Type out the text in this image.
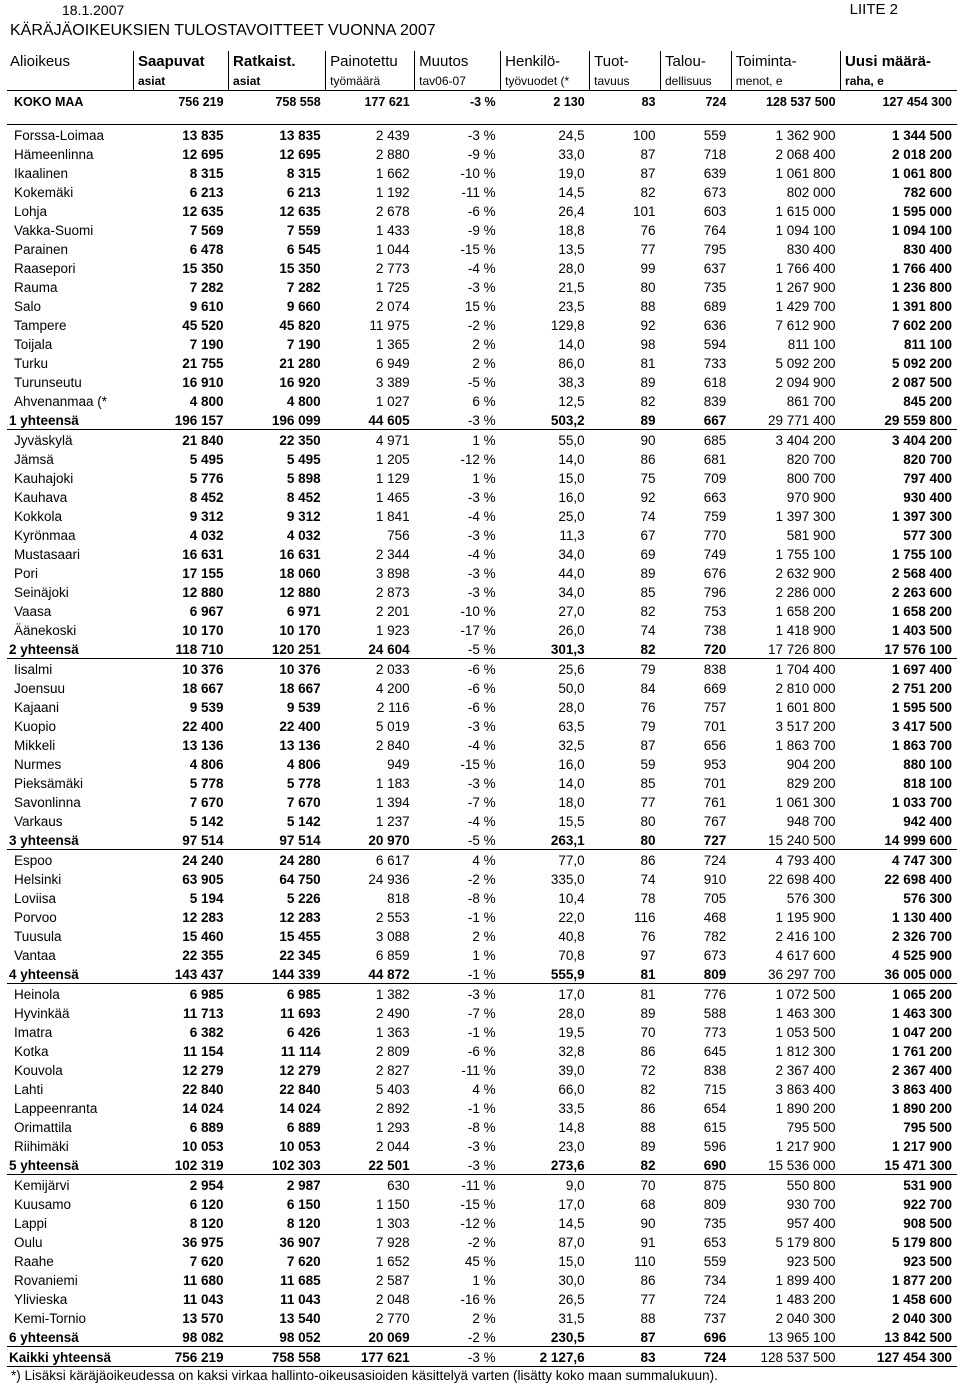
18.1.2007	LIITE 2
KÄRÄJÄOIKEUKSIEN TULOSTAVOITTEET VUONNA 2007
Alioikeus	Saapuvat	Ratkaist.	Painotettu	Muutos	Henkilö-	Tuot-	Talou-	Toiminta-	Uusi määrä-
	asiat	asiat	työmäärä	tav06-07	työvuodet (*	tavuus	dellisuus	menot, e	raha, e
KOKO MAA	756 219	758 558	177 621	-3 %	2 130	83	724	128 537 500	127 454 300

Forssa-Loimaa	13 835	13 835	2 439	-3 %	24,5	100	559	1 362 900	1 344 500
Hämeenlinna	12 695	12 695	2 880	-9 %	33,0	87	718	2 068 400	2 018 200
Ikaalinen	8 315	8 315	1 662	-10 %	19,0	87	639	1 061 800	1 061 800
Kokemäki	6 213	6 213	1 192	-11 %	14,5	82	673	802 000	782 600
Lohja	12 635	12 635	2 678	-6 %	26,4	101	603	1 615 000	1 595 000
Vakka-Suomi	7 569	7 559	1 433	-9 %	18,8	76	764	1 094 100	1 094 100
Parainen	6 478	6 545	1 044	-15 %	13,5	77	795	830 400	830 400
Raasepori	15 350	15 350	2 773	-4 %	28,0	99	637	1 766 400	1 766 400
Rauma	7 282	7 282	1 725	-3 %	21,5	80	735	1 267 900	1 236 800
Salo	9 610	9 660	2 074	15 %	23,5	88	689	1 429 700	1 391 800
Tampere	45 520	45 820	11 975	-2 %	129,8	92	636	7 612 900	7 602 200
Toijala	7 190	7 190	1 365	2 %	14,0	98	594	811 100	811 100
Turku	21 755	21 280	6 949	2 %	86,0	81	733	5 092 200	5 092 200
Turunseutu	16 910	16 920	3 389	-5 %	38,3	89	618	2 094 900	2 087 500
Ahvenanmaa (*	4 800	4 800	1 027	6 %	12,5	82	839	861 700	845 200
1 yhteensä	196 157	196 099	44 605	-3 %	503,2	89	667	29 771 400	29 559 800
Jyväskylä	21 840	22 350	4 971	1 %	55,0	90	685	3 404 200	3 404 200
Jämsä	5 495	5 495	1 205	-12 %	14,0	86	681	820 700	820 700
Kauhajoki	5 776	5 898	1 129	1 %	15,0	75	709	800 700	797 400
Kauhava	8 452	8 452	1 465	-3 %	16,0	92	663	970 900	930 400
Kokkola	9 312	9 312	1 841	-4 %	25,0	74	759	1 397 300	1 397 300
Kyrönmaa	4 032	4 032	756	-3 %	11,3	67	770	581 900	577 300
Mustasaari	16 631	16 631	2 344	-4 %	34,0	69	749	1 755 100	1 755 100
Pori	17 155	18 060	3 898	-3 %	44,0	89	676	2 632 900	2 568 400
Seinäjoki	12 880	12 880	2 873	-3 %	34,0	85	796	2 286 000	2 263 600
Vaasa	6 967	6 971	2 201	-10 %	27,0	82	753	1 658 200	1 658 200
Äänekoski	10 170	10 170	1 923	-17 %	26,0	74	738	1 418 900	1 403 500
2 yhteensä	118 710	120 251	24 604	-5 %	301,3	82	720	17 726 800	17 576 100
Iisalmi	10 376	10 376	2 033	-6 %	25,6	79	838	1 704 400	1 697 400
Joensuu	18 667	18 667	4 200	-6 %	50,0	84	669	2 810 000	2 751 200
Kajaani	9 539	9 539	2 116	-6 %	28,0	76	757	1 601 800	1 595 500
Kuopio	22 400	22 400	5 019	-3 %	63,5	79	701	3 517 200	3 417 500
Mikkeli	13 136	13 136	2 840	-4 %	32,5	87	656	1 863 700	1 863 700
Nurmes	4 806	4 806	949	-15 %	16,0	59	953	904 200	880 100
Pieksämäki	5 778	5 778	1 183	-3 %	14,0	85	701	829 200	818 100
Savonlinna	7 670	7 670	1 394	-7 %	18,0	77	761	1 061 300	1 033 700
Varkaus	5 142	5 142	1 237	-4 %	15,5	80	767	948 700	942 400
3 yhteensä	97 514	97 514	20 970	-5 %	263,1	80	727	15 240 500	14 999 600
Espoo	24 240	24 280	6 617	4 %	77,0	86	724	4 793 400	4 747 300
Helsinki	63 905	64 750	24 936	-2 %	335,0	74	910	22 698 400	22 698 400
Loviisa	5 194	5 226	818	-8 %	10,4	78	705	576 300	576 300
Porvoo	12 283	12 283	2 553	-1 %	22,0	116	468	1 195 900	1 130 400
Tuusula	15 460	15 455	3 088	2 %	40,8	76	782	2 416 100	2 326 700
Vantaa	22 355	22 345	6 859	1 %	70,8	97	673	4 617 600	4 525 900
4 yhteensä	143 437	144 339	44 872	-1 %	555,9	81	809	36 297 700	36 005 000
Heinola	6 985	6 985	1 382	-3 %	17,0	81	776	1 072 500	1 065 200
Hyvinkää	11 713	11 693	2 490	-7 %	28,0	89	588	1 463 300	1 463 300
Imatra	6 382	6 426	1 363	-1 %	19,5	70	773	1 053 500	1 047 200
Kotka	11 154	11 114	2 809	-6 %	32,8	86	645	1 812 300	1 761 200
Kouvola	12 279	12 279	2 827	-11 %	39,0	72	838	2 367 400	2 367 400
Lahti	22 840	22 840	5 403	4 %	66,0	82	715	3 863 400	3 863 400
Lappeenranta	14 024	14 024	2 892	-1 %	33,5	86	654	1 890 200	1 890 200
Orimattila	6 889	6 889	1 293	-8 %	14,8	88	615	795 500	795 500
Riihimäki	10 053	10 053	2 044	-3 %	23,0	89	596	1 217 900	1 217 900
5 yhteensä	102 319	102 303	22 501	-3 %	273,6	82	690	15 536 000	15 471 300
Kemijärvi	2 954	2 987	630	-11 %	9,0	70	875	550 800	531 900
Kuusamo	6 120	6 150	1 150	-15 %	17,0	68	809	930 700	922 700
Lappi	8 120	8 120	1 303	-12 %	14,5	90	735	957 400	908 500
Oulu	36 975	36 907	7 928	-2 %	87,0	91	653	5 179 800	5 179 800
Raahe	7 620	7 620	1 652	45 %	15,0	110	559	923 500	923 500
Rovaniemi	11 680	11 685	2 587	1 %	30,0	86	734	1 899 400	1 877 200
Ylivieska	11 043	11 043	2 048	-16 %	26,5	77	724	1 483 200	1 458 600
Kemi-Tornio	13 570	13 540	2 770	2 %	31,5	88	737	2 040 300	2 040 300
6 yhteensä	98 082	98 052	20 069	-2 %	230,5	87	696	13 965 100	13 842 500
Kaikki yhteensä	756 219	758 558	177 621	-3 %	2 127,6	83	724	128 537 500	127 454 300
*) Lisäksi käräjäoikeudessa on kaksi virkaa hallinto-oikeusasioiden käsittelyä varten (lisätty koko maan summalukuun).
